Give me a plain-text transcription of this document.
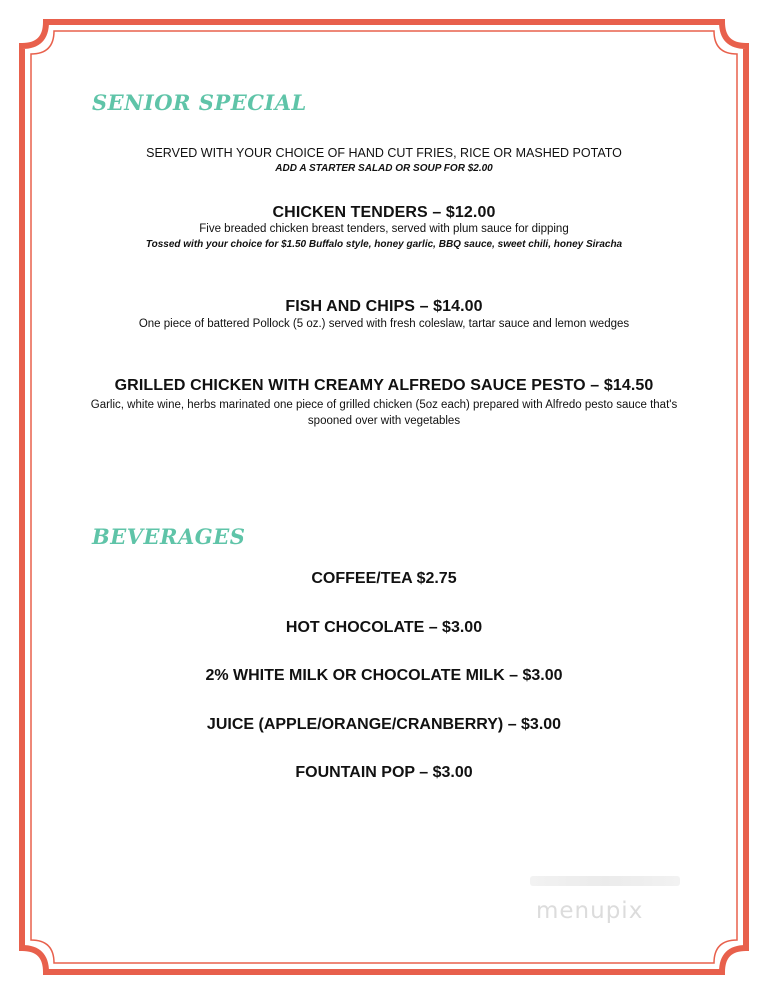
SENIOR SPECIAL
SERVED WITH YOUR CHOICE OF HAND CUT FRIES, RICE OR MASHED POTATO
ADD A STARTER SALAD OR SOUP FOR $2.00
CHICKEN TENDERS – $12.00
Five breaded chicken breast tenders, served with plum sauce for dipping
Tossed with your choice for $1.50 Buffalo style, honey garlic, BBQ sauce, sweet chili, honey Siracha
FISH AND CHIPS – $14.00
One piece of battered Pollock (5 oz.) served with fresh coleslaw, tartar sauce and lemon wedges
GRILLED CHICKEN WITH CREAMY ALFREDO SAUCE PESTO – $14.50
Garlic, white wine, herbs marinated one piece of grilled chicken (5oz each) prepared with Alfredo pesto sauce that's
spooned over with vegetables
BEVERAGES
COFFEE/TEA $2.75
HOT CHOCOLATE – $3.00
2% WHITE MILK OR CHOCOLATE MILK – $3.00
JUICE (APPLE/ORANGE/CRANBERRY) – $3.00
FOUNTAIN POP – $3.00
menupix
